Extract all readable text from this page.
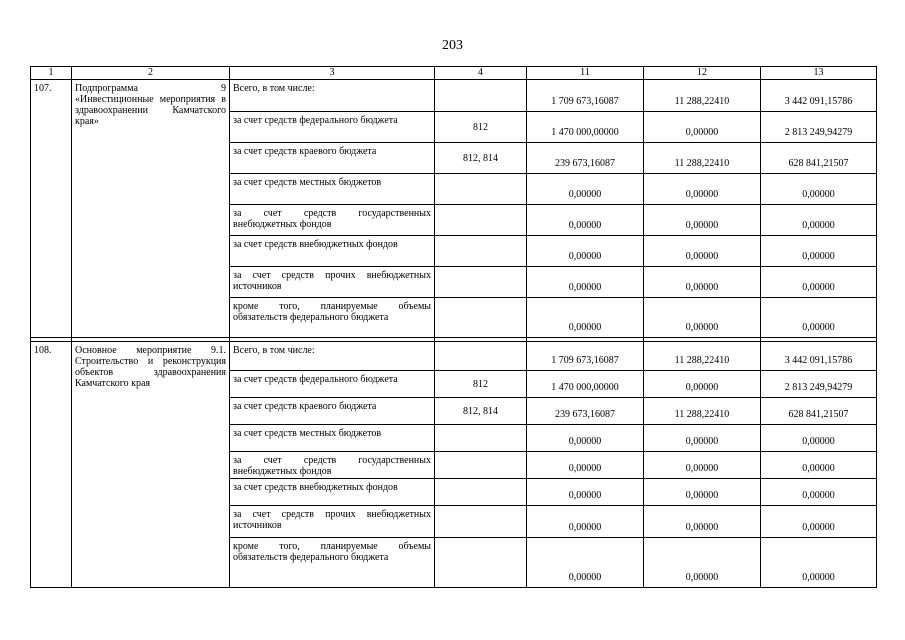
203
1	2	3	4	11	12	13
107.	Подпрограмма 9 «Инвестиционные мероприятия в здравоохранении Камчатского края»	Всего, в том числе:		1 709 673,16087	11 288,22410	3 442 091,15786
		за счет средств федерального бюджета	812	1 470 000,00000	0,00000	2 813 249,94279
		за счет средств краевого бюджета	812, 814	239 673,16087	11 288,22410	628 841,21507
		за счет средств местных бюджетов		0,00000	0,00000	0,00000
		за счет средств государственных внебюджетных фондов		0,00000	0,00000	0,00000
		за счет средств внебюджетных фондов		0,00000	0,00000	0,00000
		за счет средств прочих внебюджетных источников		0,00000	0,00000	0,00000
		кроме того, планируемые объемы обязательств федерального бюджета		0,00000	0,00000	0,00000

108.	Основное мероприятие 9.1. Строительство и реконструкция объектов здравоохранения Камчатского края	Всего, в том числе:		1 709 673,16087	11 288,22410	3 442 091,15786
		за счет средств федерального бюджета	812	1 470 000,00000	0,00000	2 813 249,94279
		за счет средств краевого бюджета	812, 814	239 673,16087	11 288,22410	628 841,21507
		за счет средств местных бюджетов		0,00000	0,00000	0,00000
		за счет средств государственных внебюджетных фондов		0,00000	0,00000	0,00000
		за счет средств внебюджетных фондов		0,00000	0,00000	0,00000
		за счет средств прочих внебюджетных источников		0,00000	0,00000	0,00000
		кроме того, планируемые объемы обязательств федерального бюджета		0,00000	0,00000	0,00000
